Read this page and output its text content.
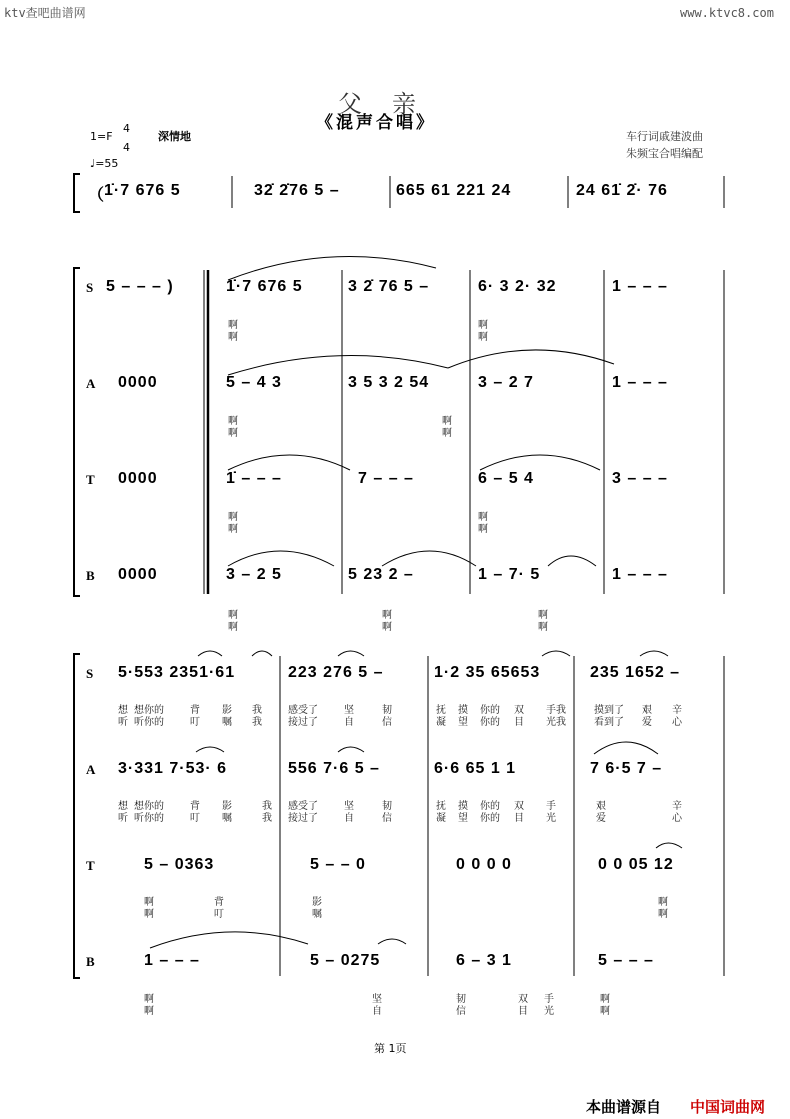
ktv查吧曲谱网	www.ktvc8.com
父亲
《混声合唱》
1=F
4
4
深情地
♩=55
车行词戚建波曲
朱频宝合唱编配
（
1̇·7 676 5	32̇ 2̇76 5 –	665 61 221 24	24 61̇ 2̇· 76
S 5 – – – )	1̇·7 676 5	3 2̇ 76 5 –	6· 3 2· 32	1 – – –
啊
啊
啊
啊
A 0000	5 – 4 3	3 5 3 2 54	3 – 2 7	1 – – –
啊
啊
啊
啊
T 0000	1̇ – – –	7 – – –	6 – 5 4	3 – – –
啊
啊
啊
啊
B 0000	3 – 2 5	5 23 2 –	1 – 7· 5	1 – – –
啊
啊
啊
啊
啊
啊
S 5·553 2351·61	223 276 5 –	1·2 35 65653	235 1652 –
想 想你的	背 影 我	感受了	坚	韧	抚 摸 你的 双 手我	摸到了 艰 辛
听 听你的	叮 嘱 我	接过了	自	信	凝 望 你的 目 光我	看到了 爱 心
A 3·331 7·53· 6	556 7·6 5 –	6·6 65 1 1	7 6·5 7 –
想 想你的	背 影	我 感受了	坚	韧	抚 摸 你的 双 手	艰	辛
听 听你的	叮 嘱	我 接过了	自	信	凝 望 你的 目 光	爱	心
T	5 – 0363	5 – – 0	0 0 0 0	0 0 05 12
啊	背	影	啊
啊	叮	嘱	啊
B	1 – – –	5 – 0275	6 – 3 1	5 – – –
啊	坚	韧	双 手	啊
啊	自	信	目 光	啊
第 1页
本曲谱源自 中国词曲网
